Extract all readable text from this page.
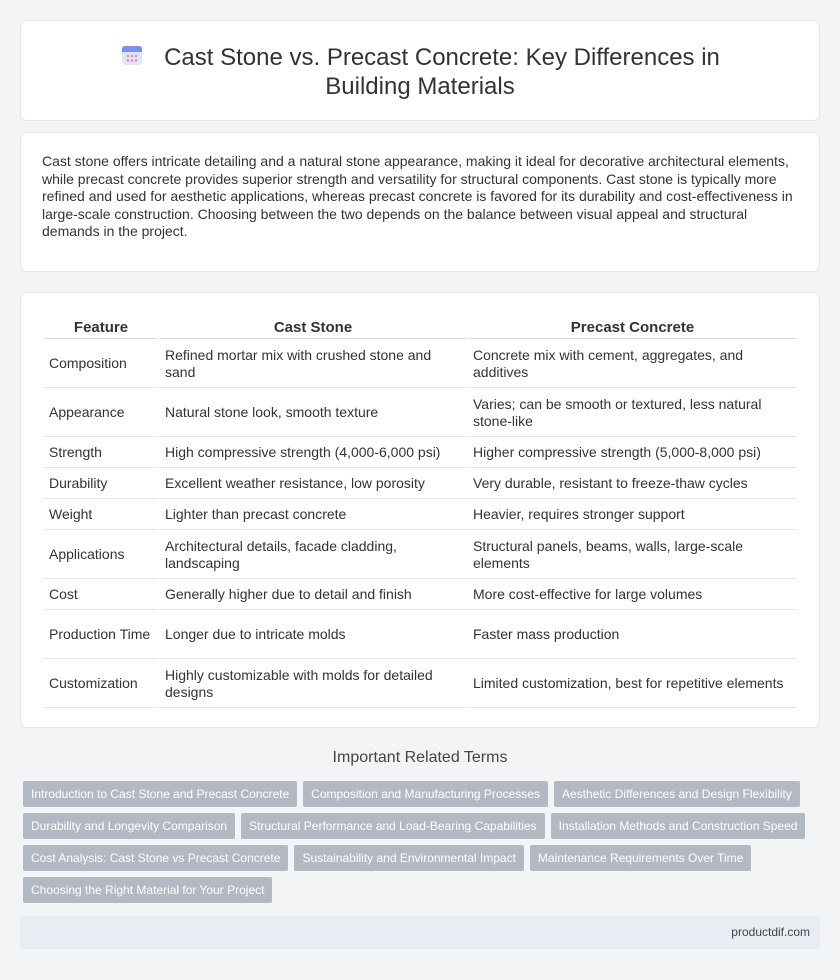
Cast Stone vs. Precast Concrete: Key Differences in Building Materials

Cast stone offers intricate detailing and a natural stone appearance, making it ideal for decorative architectural elements, while precast concrete provides superior strength and versatility for structural components. Cast stone is typically more refined and used for aesthetic applications, whereas precast concrete is favored for its durability and cost-effectiveness in large-scale construction. Choosing between the two depends on the balance between visual appeal and structural demands in the project.

Feature	Cast Stone	Precast Concrete
Composition	Refined mortar mix with crushed stone and sand	Concrete mix with cement, aggregates, and additives
Appearance	Natural stone look, smooth texture	Varies; can be smooth or textured, less natural stone-like
Strength	High compressive strength (4,000-6,000 psi)	Higher compressive strength (5,000-8,000 psi)
Durability	Excellent weather resistance, low porosity	Very durable, resistant to freeze-thaw cycles
Weight	Lighter than precast concrete	Heavier, requires stronger support
Applications	Architectural details, facade cladding, landscaping	Structural panels, beams, walls, large-scale elements
Cost	Generally higher due to detail and finish	More cost-effective for large volumes
Production Time	Longer due to intricate molds	Faster mass production
Customization	Highly customizable with molds for detailed designs	Limited customization, best for repetitive elements
Important Related Terms
Introduction to Cast Stone and Precast Concrete	Composition and Manufacturing Processes	Aesthetic Differences and Design Flexibility
Durability and Longevity Comparison	Structural Performance and Load-Bearing Capabilities	Installation Methods and Construction Speed
Cost Analysis: Cast Stone vs Precast Concrete	Sustainability and Environmental Impact	Maintenance Requirements Over Time
Choosing the Right Material for Your Project
productdif.com
